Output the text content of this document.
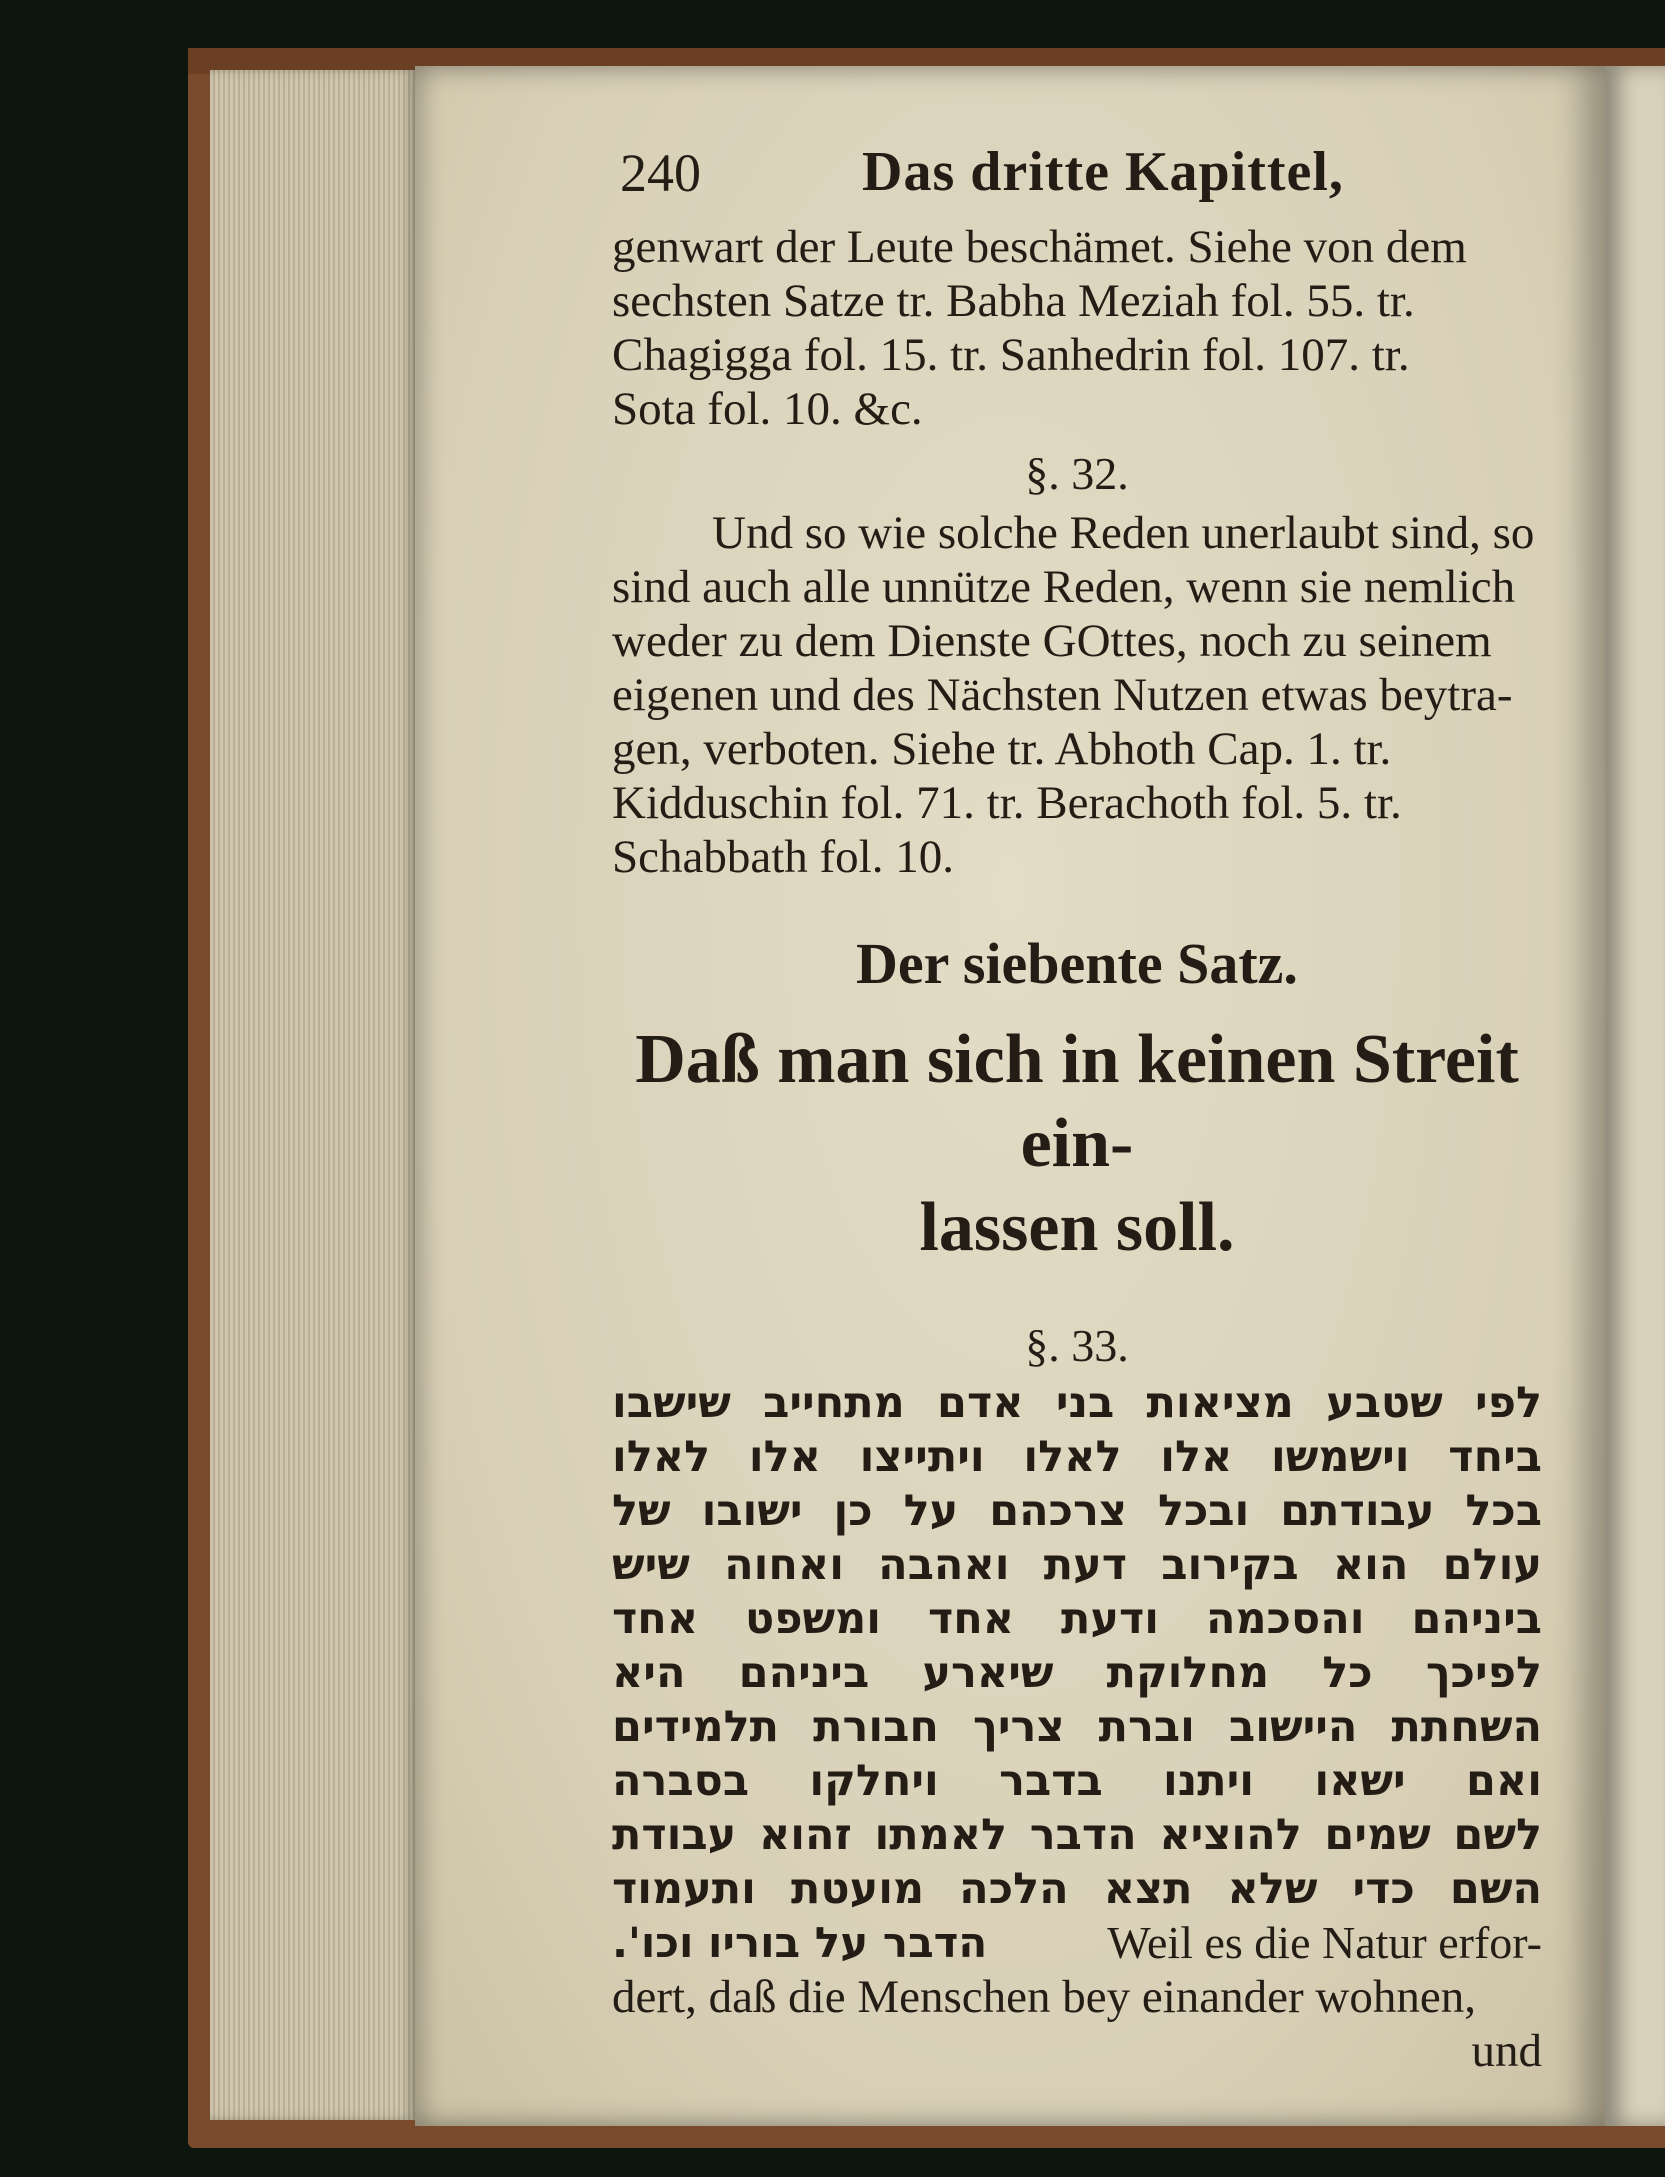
240	Das dritte Kapittel,
genwart der Leute beschämet. Siehe von dem
sechsten Satze tr. Babha Meziah fol. 55. tr.
Chagigga fol. 15. tr. Sanhedrin fol. 107. tr.
Sota fol. 10. &c.
§. 32.
Und so wie solche Reden unerlaubt sind, so
sind auch alle unnütze Reden, wenn sie nemlich
weder zu dem Dienste GOttes, noch zu seinem
eigenen und des Nächsten Nutzen etwas beytra-
gen, verboten. Siehe tr. Abhoth Cap. 1. tr.
Kiddusсhin fol. 71. tr. Berachoth fol. 5. tr.
Schabbath fol. 10.
Der siebente Satz.
Daß man sich in keinen Streit ein-
lassen soll.
§. 33.
לפי שטבע מציאות בני אדם מתחייב שישבו
ביחד וישמשו אלו לאלו ויתייצו אלו לאלו
בכל עבודתם ובכל צרכהם על כן ישובו של
עולם הוא בקירוב דעת ואהבה ואחוה שיש
ביניהם והסכמה ודעת אחד ומשפט אחד
לפיכך כל מחלוקת שיארע ביניהם היא
השחתת היישוב וברת צריך חבורת תלמידים
ואם ישאו ויתנו בדבר ויחלקו בסברה
לשם שמים להוציא הדבר לאמתו זהוא עבודת
השם כדי שלא תצא הלכה מועטת ותעמוד
הדבר על בוריו וכו'.	Weil es die Natur erfor-
dert, daß die Menschen bey einander wohnen,
und
